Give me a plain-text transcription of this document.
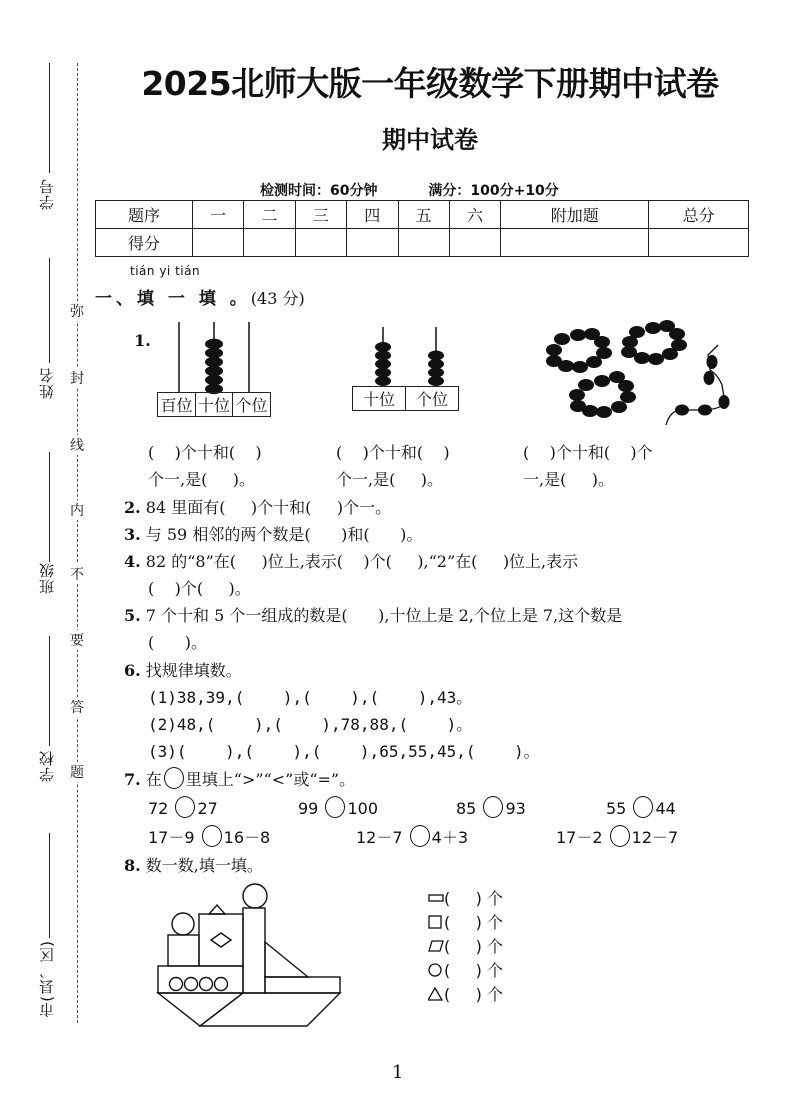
学号
姓名
班级
学校
市(县、区)
弥
封
线
内
不
要
答
题
2025北师大版一年级数学下册期中试卷
期中试卷
检测时间：60分钟	满分：100分+10分
题序	一	二	三	四	五	六	附加题	总分
得分								
tián yi tián
一、填 一 填 。(43 分)

1.

百位 十位 个位	十位	个位
(    )个十和(    )	(    )个十和(    )	(    )个十和(    )个
个一,是(     )。	个一,是(     )。	一,是(     )。
2. 84 里面有(     )个十和(     )个一。
3. 与 59 相邻的两个数是(      )和(      )。
4. 82 的“8”在(     )位上,表示(    )个(     ),“2”在(     )位上,表示
(    )个(     )。
5. 7 个十和 5 个一组成的数是(      ),十位上是 2,个位上是 7,这个数是
(      )。
6. 找规律填数。
(1)38,39,(    ),(    ),(    ),43。
(2)48,(    ),(    ),78,88,(    )。
(3)(    ),(    ),(    ),65,55,45,(    )。
7. 在 里填上“>”“<”或“=”。
72 27	99 100	85 93	55 44
17－9 16－8	12－7 4＋3	17－2 12－7
8. 数一数,填一填。
(     ) 个
(     ) 个
(     ) 个
(     ) 个
(     ) 个
1
